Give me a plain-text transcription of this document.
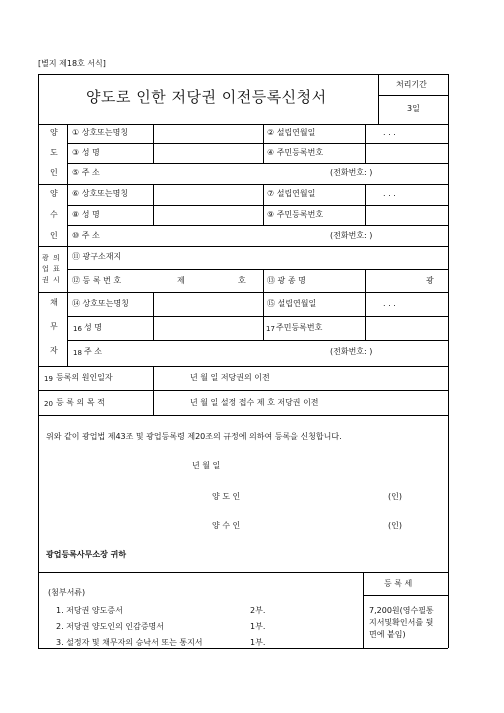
[별지 제18호 서식]
양도로 인한 저당권 이전등록신청서
처리기간
3일
양
도
인
① 상호또는명칭	② 설립연월일	. . .
③ 성 명	④ 주민등록번호
⑤ 주 소	(전화번호: )
양
수
인
⑥ 상호또는명칭	⑦ 설립연월일	. . .
⑧ 성 명	⑨ 주민등록번호
⑩ 주 소	(전화번호: )
광
업
권
의
표
시
⑪ 광구소재지
⑫ 등 록 번 호	제	호	⑬ 광 종 명	광
채
무
자
⑭ 상호또는명칭	⑮ 설립연월일	. . .
16 성 명	17 주민등록번호
18 주 소	(전화번호: )
19 등록의 원인일자	년 월 일 저당권의 이전
20 등 록 의 목 적	년 월 일 설정 접수 제 호 저당권 이전
위와 같이 광업법 제43조 및 광업등록령 제20조의 규정에 의하여 등록을 신청합니다.
년 월 일
양 도 인	(인)
양 수 인	(인)
광업등록사무소장 귀하
(첨부서류)
1. 저당권 양도증서	2부.
2. 저당권 양도인의 인감증명서	1부.
3. 설정자 및 채무자의 승낙서 또는 통지서	1부.
등 록 세
7,200원(영수필통
지서및확인서를 뒷
면에 붙임)
